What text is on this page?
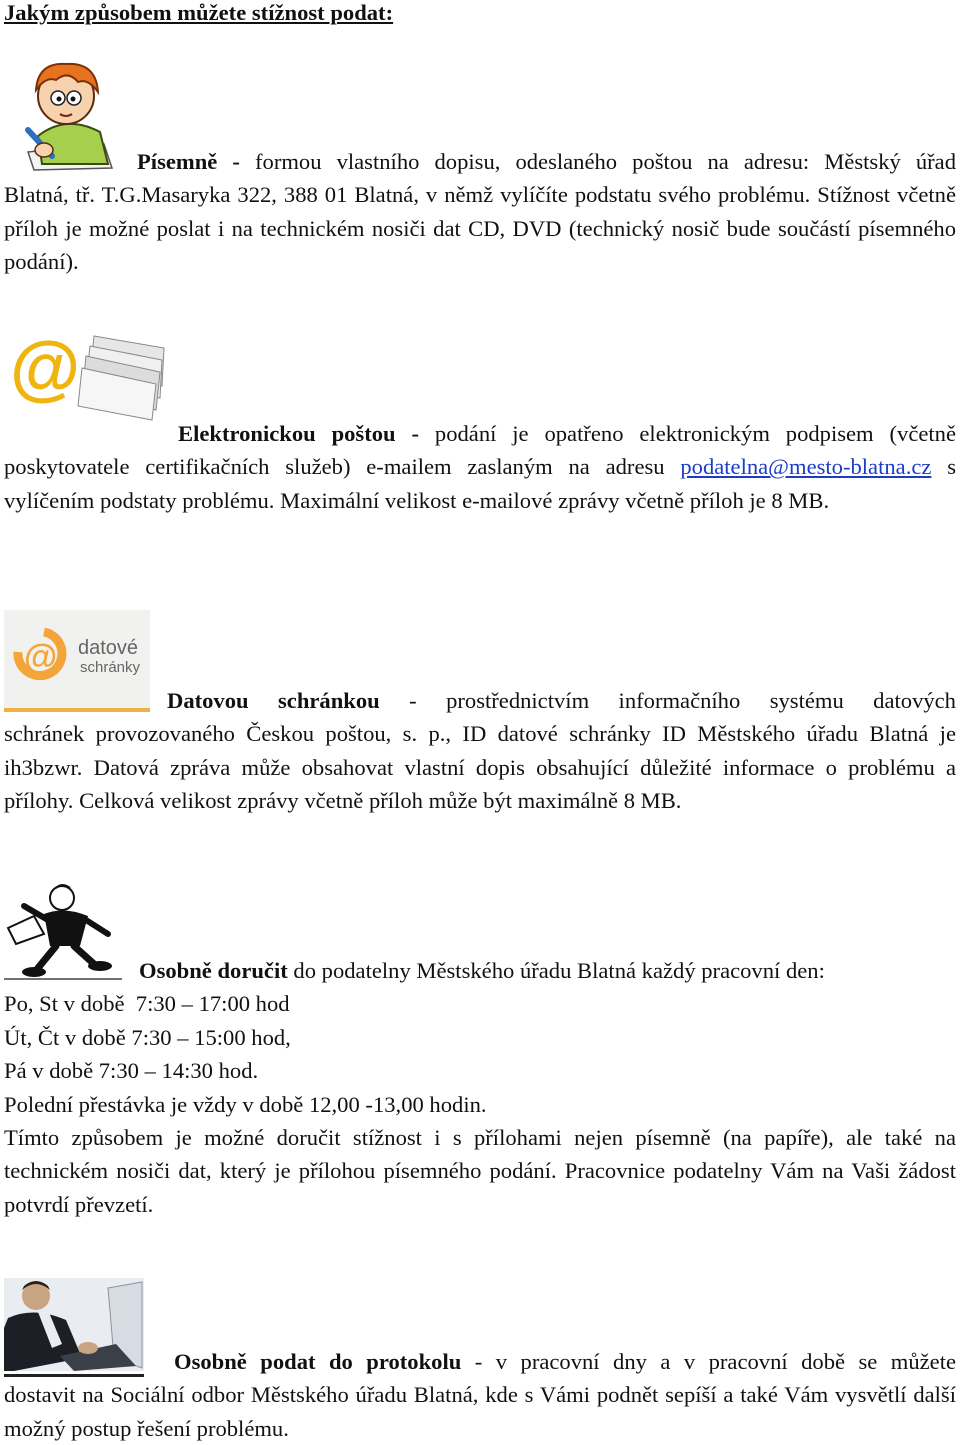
Jakým způsobem můžete stížnost podat:

Písemně - formou vlastního dopisu, odeslaného poštou na adresu: Městský úřad
Blatná, tř. T.G.Masaryka 322, 388 01 Blatná, v němž vylíčíte podstatu svého problému. Stížnost včetně příloh je možné poslat i na technickém nosiči dat CD, DVD (technický nosič bude součástí písemného podání).

@

Elektronickou poštou - podání je opatřeno elektronickým podpisem (včetně
poskytovatele certifikačních služeb) e-mailem zaslaným na adresu podatelna@mesto-blatna.cz s vylíčením podstaty problému. Maximální velikost e-mailové zprávy včetně příloh je 8 MB.

@ datové
schránky

Datovou schránkou - prostřednictvím informačního systému datových
schránek provozovaného Českou poštou, s. p., ID datové schránky ID Městského úřadu Blatná je ih3bzwr. Datová zpráva může obsahovat vlastní dopis obsahující důležité informace o problému a přílohy. Celková velikost zprávy včetně příloh může být maximálně 8 MB.

Osobně doručit do podatelny Městského úřadu Blatná každý pracovní den:
Po, St v době  7:30 – 17:00 hod
Út, Čt v době 7:30 – 15:00 hod,
Pá v době 7:30 – 14:30 hod.
Polední přestávka je vždy v době 12,00 -13,00 hodin.
Tímto způsobem je možné doručit stížnost i s přílohami nejen písemně (na papíře), ale také na technickém nosiči dat, který je přílohou písemného podání. Pracovnice podatelny Vám na Vaši žádost potvrdí převzetí.

Osobně podat do protokolu - v pracovní dny a v pracovní době se můžete
dostavit na Sociální odbor Městského úřadu Blatná, kde s Vámi podnět sepíší a také Vám vysvětlí další možný postup řešení problému.
